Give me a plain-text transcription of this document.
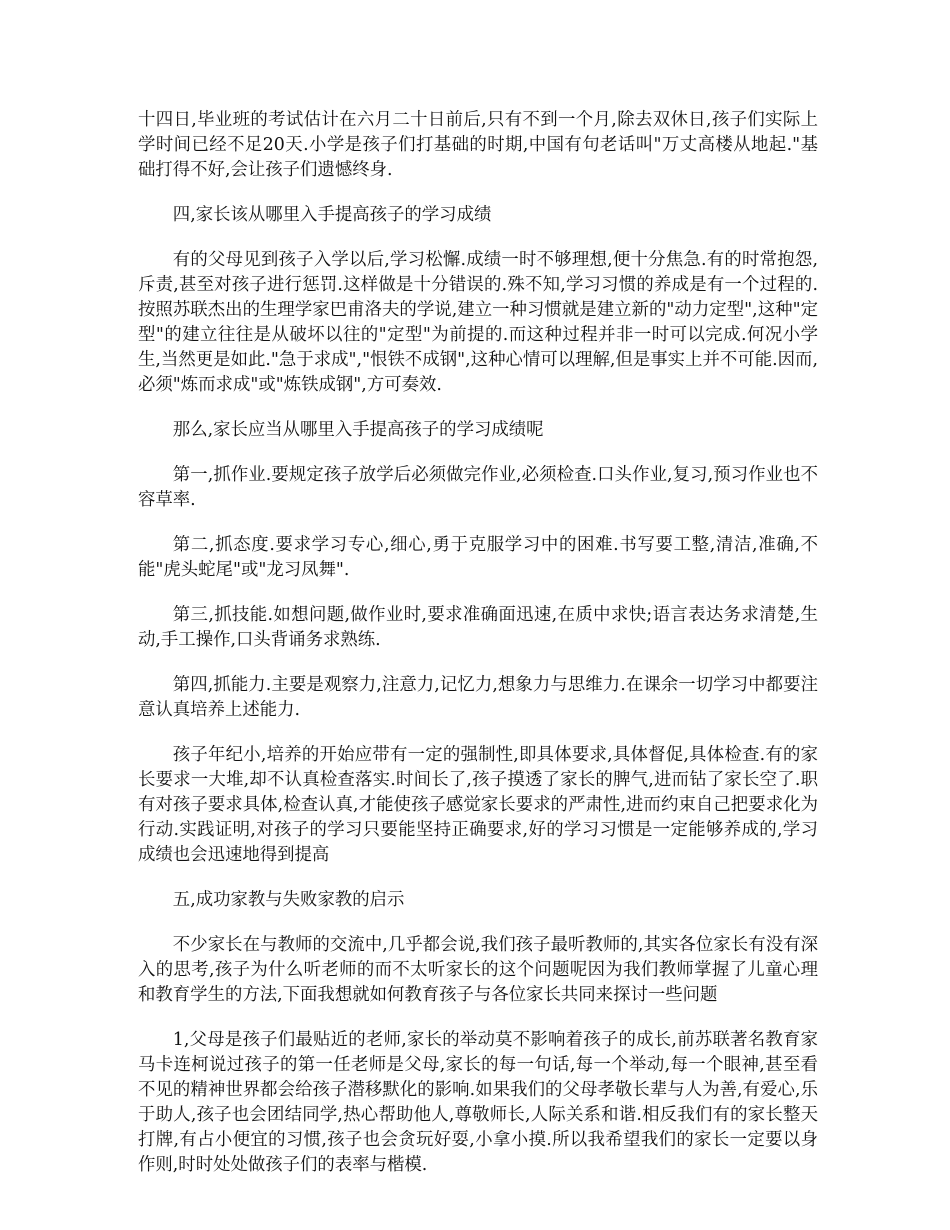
十四日,毕业班的考试估计在六月二十日前后,只有不到一个月,除去双休日,孩子们实际上学时间已经不足20天.小学是孩子们打基础的时期,中国有句老话叫"万丈高楼从地起."基础打得不好,会让孩子们遗憾终身.

四,家长该从哪里入手提高孩子的学习成绩

有的父母见到孩子入学以后,学习松懈.成绩一时不够理想,便十分焦急.有的时常抱怨,斥责,甚至对孩子进行惩罚.这样做是十分错误的.殊不知,学习习惯的养成是有一个过程的.按照苏联杰出的生理学家巴甫洛夫的学说,建立一种习惯就是建立新的"动力定型",这种"定型"的建立往往是从破坏以往的"定型"为前提的.而这种过程并非一时可以完成.何况小学生,当然更是如此."急于求成","恨铁不成钢",这种心情可以理解,但是事实上并不可能.因而,必须"炼而求成"或"炼铁成钢",方可奏效.

那么,家长应当从哪里入手提高孩子的学习成绩呢

第一,抓作业.要规定孩子放学后必须做完作业,必须检查.口头作业,复习,预习作业也不容草率.

第二,抓态度.要求学习专心,细心,勇于克服学习中的困难.书写要工整,清洁,准确,不能"虎头蛇尾"或"龙习凤舞".

第三,抓技能.如想问题,做作业时,要求准确面迅速,在质中求快;语言表达务求清楚,生动,手工操作,口头背诵务求熟练.

第四,抓能力.主要是观察力,注意力,记忆力,想象力与思维力.在课余一切学习中都要注意认真培养上述能力.

孩子年纪小,培养的开始应带有一定的强制性,即具体要求,具体督促,具体检查.有的家长要求一大堆,却不认真检查落实.时间长了,孩子摸透了家长的脾气,进而钻了家长空了.职有对孩子要求具体,检查认真,才能使孩子感觉家长要求的严肃性,进而约束自己把要求化为行动.实践证明,对孩子的学习只要能坚持正确要求,好的学习习惯是一定能够养成的,学习成绩也会迅速地得到提高

五,成功家教与失败家教的启示

不少家长在与教师的交流中,几乎都会说,我们孩子最听教师的,其实各位家长有没有深入的思考,孩子为什么听老师的而不太听家长的这个问题呢因为我们教师掌握了儿童心理和教育学生的方法,下面我想就如何教育孩子与各位家长共同来探讨一些问题

1,父母是孩子们最贴近的老师,家长的举动莫不影响着孩子的成长,前苏联著名教育家马卡连柯说过孩子的第一任老师是父母,家长的每一句话,每一个举动,每一个眼神,甚至看不见的精神世界都会给孩子潜移默化的影响.如果我们的父母孝敬长辈与人为善,有爱心,乐于助人,孩子也会团结同学,热心帮助他人,尊敬师长,人际关系和谐.相反我们有的家长整天打牌,有占小便宜的习惯,孩子也会贪玩好耍,小拿小摸.所以我希望我们的家长一定要以身作则,时时处处做孩子们的表率与楷模.
